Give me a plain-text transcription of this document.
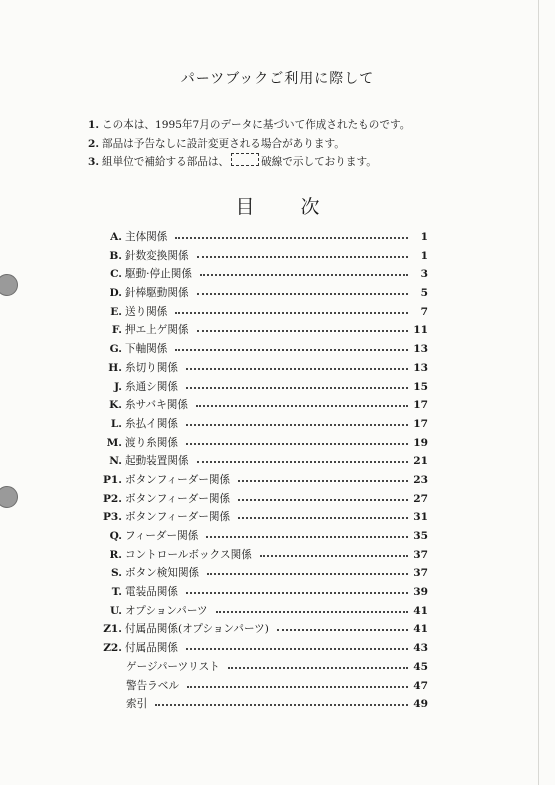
パーツブックご利用に際して
1. この本は、1995年7月のデータに基づいて作成されたものです。
2. 部品は予告なしに設計変更される場合があります。
3. 組単位で補給する部品は、	破線で示しております。
目 次
A. 主体関係	1
B. 針数変換関係	1
C. 駆動·停止関係	3
D. 針棒駆動関係	5
E. 送り関係	7
F. 押エ上ゲ関係	11
G. 下軸関係	13
H. 糸切り関係	13
J. 糸通シ関係	15
K. 糸サバキ関係	17
L. 糸払イ関係	17
M. 渡り糸関係	19
N. 起動装置関係	21
P1. ボタンフィーダー関係	23
P2. ボタンフィーダー関係	27
P3. ボタンフィーダー関係	31
Q. フィーダー関係	35
R. コントロールボックス関係	37
S. ボタン検知関係	37
T. 電装品関係	39
U. オプションパーツ	41
Z1. 付属品関係(オプションパーツ)	41
Z2. 付属品関係	43
ゲージパーツリスト	45
警告ラベル	47
索引	49
